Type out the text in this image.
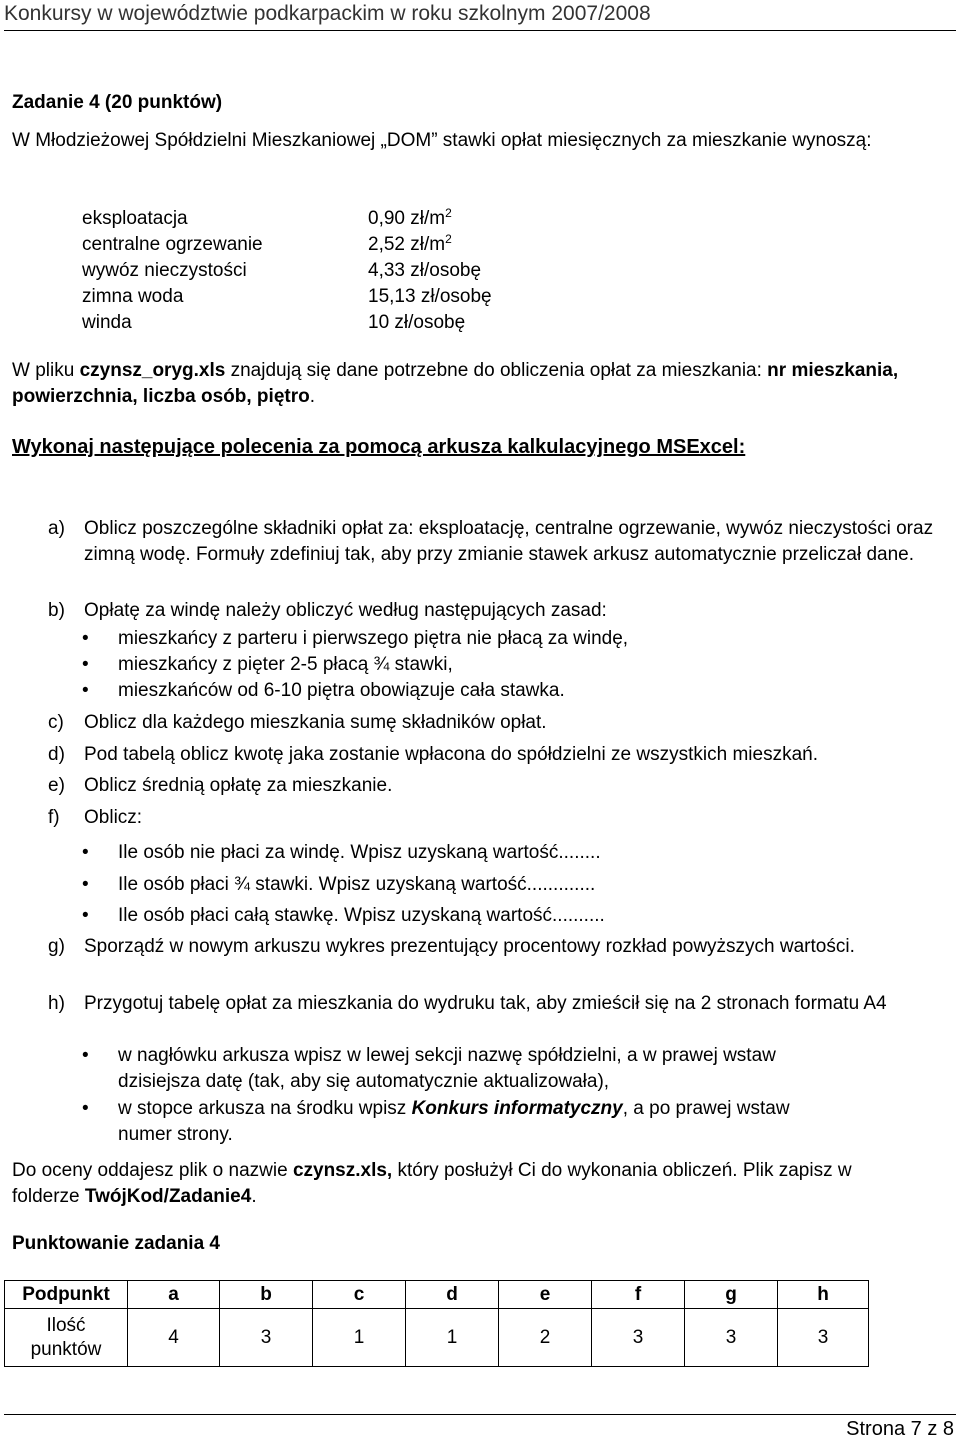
Konkursy w województwie podkarpackim w roku szkolnym 2007/2008
Zadanie 4 (20 punktów)
W Młodzieżowej Spółdzielni Mieszkaniowej „DOM” stawki opłat miesięcznych za mieszkanie wynoszą:
eksploatacja	0,90 $zł/m^2$
centralne ogrzewanie	2,52 $zł/m^2$
wywóz nieczystości	4,33 zł/osobę
zimna woda	15,13 zł/osobę
winda	10 zł/osobę
W pliku czynsz_oryg.xls znajdują się dane potrzebne do obliczenia opłat za mieszkania: nr mieszkania, powierzchnia, liczba osób, piętro.
Wykonaj następujące polecenia za pomocą arkusza kalkulacyjnego MSExcel:
a) Oblicz poszczególne składniki opłat za: eksploatację, centralne ogrzewanie, wywóz nieczystości oraz zimną wodę. Formuły zdefiniuj tak, aby przy zmianie stawek arkusz automatycznie przeliczał dane.
b) Opłatę za windę należy obliczyć według następujących zasad:
• mieszkańcy z parteru i pierwszego piętra nie płacą za windę,
• mieszkańcy z pięter 2-5 płacą ¾ stawki,
• mieszkańców od 6-10 piętra obowiązuje cała stawka.
c) Oblicz dla każdego mieszkania sumę składników opłat.
d) Pod tabelą oblicz kwotę jaka zostanie wpłacona do spółdzielni ze wszystkich mieszkań.
e) Oblicz średnią opłatę za mieszkanie.
f) Oblicz:
• Ile osób nie płaci za windę. Wpisz uzyskaną wartość........
• Ile osób płaci ¾ stawki. Wpisz uzyskaną wartość.............
• Ile osób płaci całą stawkę. Wpisz uzyskaną wartość..........
g) Sporządź w nowym arkuszu wykres prezentujący procentowy rozkład powyższych wartości.
h) Przygotuj tabelę opłat za mieszkania do wydruku tak, aby zmieścił się na 2 stronach formatu A4
• w nagłówku arkusza wpisz w lewej sekcji nazwę spółdzielni, a w prawej wstaw dzisiejsza datę (tak, aby się automatycznie aktualizowała),
• w stopce arkusza na środku wpisz Konkurs informatyczny, a po prawej wstaw numer strony.
Do oceny oddajesz plik o nazwie czynsz.xls, który posłużył Ci do wykonania obliczeń. Plik zapisz w folderze TwójKod/Zadanie4.
Punktowanie zadania 4
Podpunkt	a	b	c	d	e	f	g	h
Ilość
punktów	4	3	1	1	2	3	3	3
Strona 7 z 8
